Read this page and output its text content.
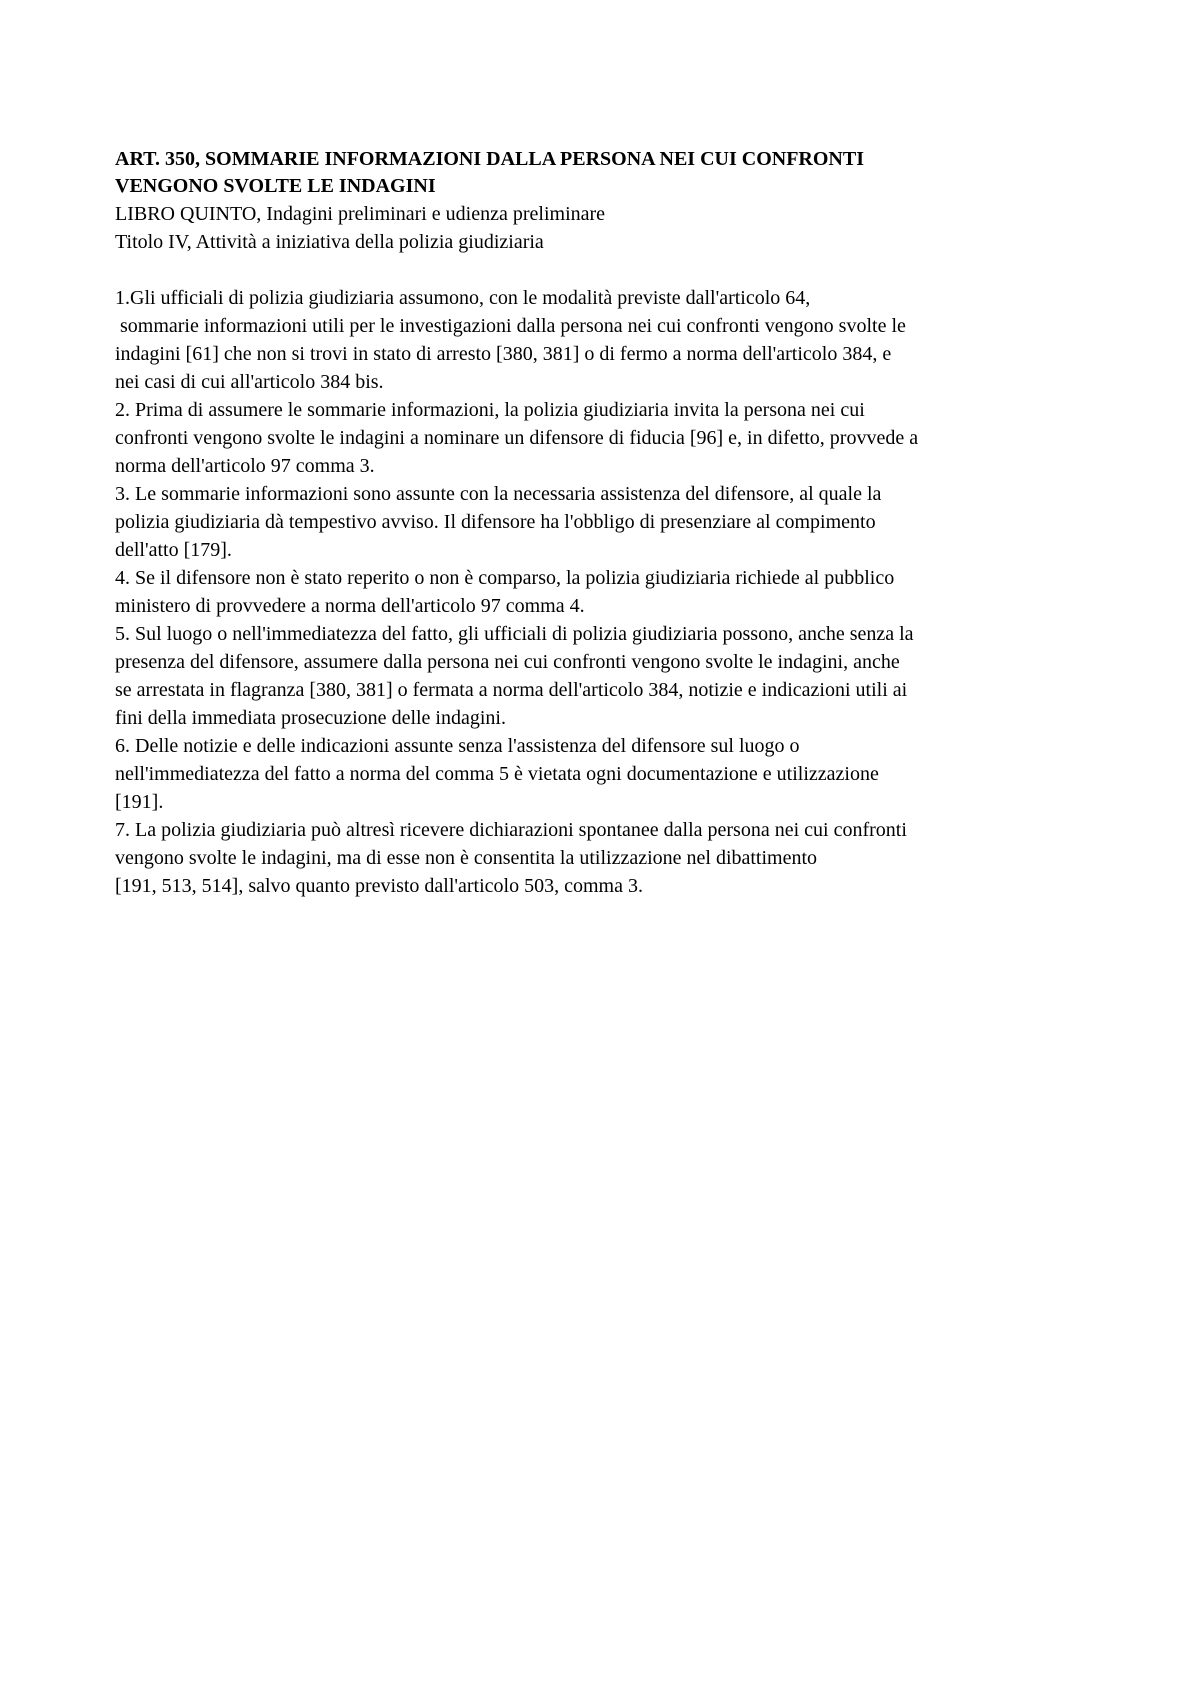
ART. 350, SOMMARIE INFORMAZIONI DALLA PERSONA NEI CUI CONFRONTI
VENGONO SVOLTE LE INDAGINI

LIBRO QUINTO, Indagini preliminari e udienza preliminare

Titolo IV, Attività a iniziativa della polizia giudiziaria

1.Gli ufficiali di polizia giudiziaria assumono, con le modalità previste dall'articolo 64,
sommarie informazioni utili per le investigazioni dalla persona nei cui confronti vengono svolte le
indagini [61] che non si trovi in stato di arresto [380, 381] o di fermo a norma dell'articolo 384, e
nei casi di cui all'articolo 384 bis.

2. Prima di assumere le sommarie informazioni, la polizia giudiziaria invita la persona nei cui
confronti vengono svolte le indagini a nominare un difensore di fiducia [96] e, in difetto, provvede a
norma dell'articolo 97 comma 3.

3. Le sommarie informazioni sono assunte con la necessaria assistenza del difensore, al quale la
polizia giudiziaria dà tempestivo avviso. Il difensore ha l'obbligo di presenziare al compimento
dell'atto [179].

4. Se il difensore non è stato reperito o non è comparso, la polizia giudiziaria richiede al pubblico
ministero di provvedere a norma dell'articolo 97 comma 4.

5. Sul luogo o nell'immediatezza del fatto, gli ufficiali di polizia giudiziaria possono, anche senza la
presenza del difensore, assumere dalla persona nei cui confronti vengono svolte le indagini, anche
se arrestata in flagranza [380, 381] o fermata a norma dell'articolo 384, notizie e indicazioni utili ai
fini della immediata prosecuzione delle indagini.

6. Delle notizie e delle indicazioni assunte senza l'assistenza del difensore sul luogo o
nell'immediatezza del fatto a norma del comma 5 è vietata ogni documentazione e utilizzazione
[191].

7. La polizia giudiziaria può altresì ricevere dichiarazioni spontanee dalla persona nei cui confronti
vengono svolte le indagini, ma di esse non è consentita la utilizzazione nel dibattimento
[191, 513, 514], salvo quanto previsto dall'articolo 503, comma 3.
